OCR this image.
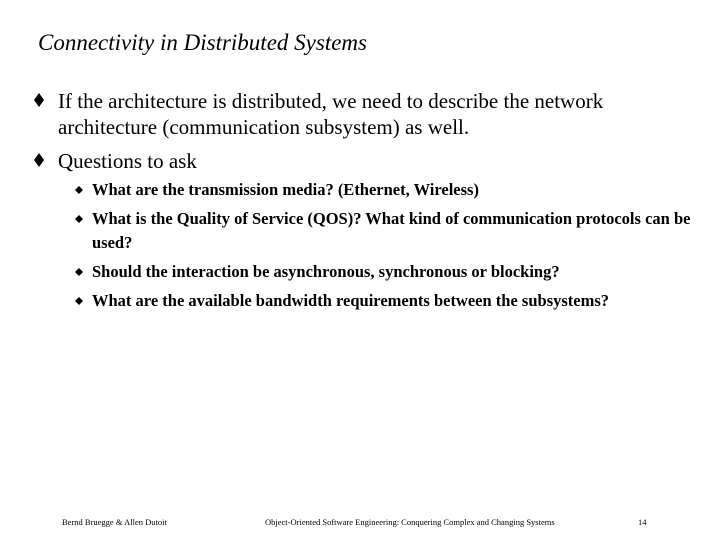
Connectivity in Distributed Systems
If the architecture is distributed, we need to describe the network architecture (communication subsystem) as well.
Questions to ask
What are the transmission media? (Ethernet, Wireless)
What is the Quality of Service (QOS)? What kind of communication protocols can be used?
Should the interaction be asynchronous, synchronous or blocking?
What are the available bandwidth requirements between the subsystems?
Bernd Bruegge & Allen Dutoit	Object-Oriented Software Engineering: Conquering Complex and Changing Systems	14
